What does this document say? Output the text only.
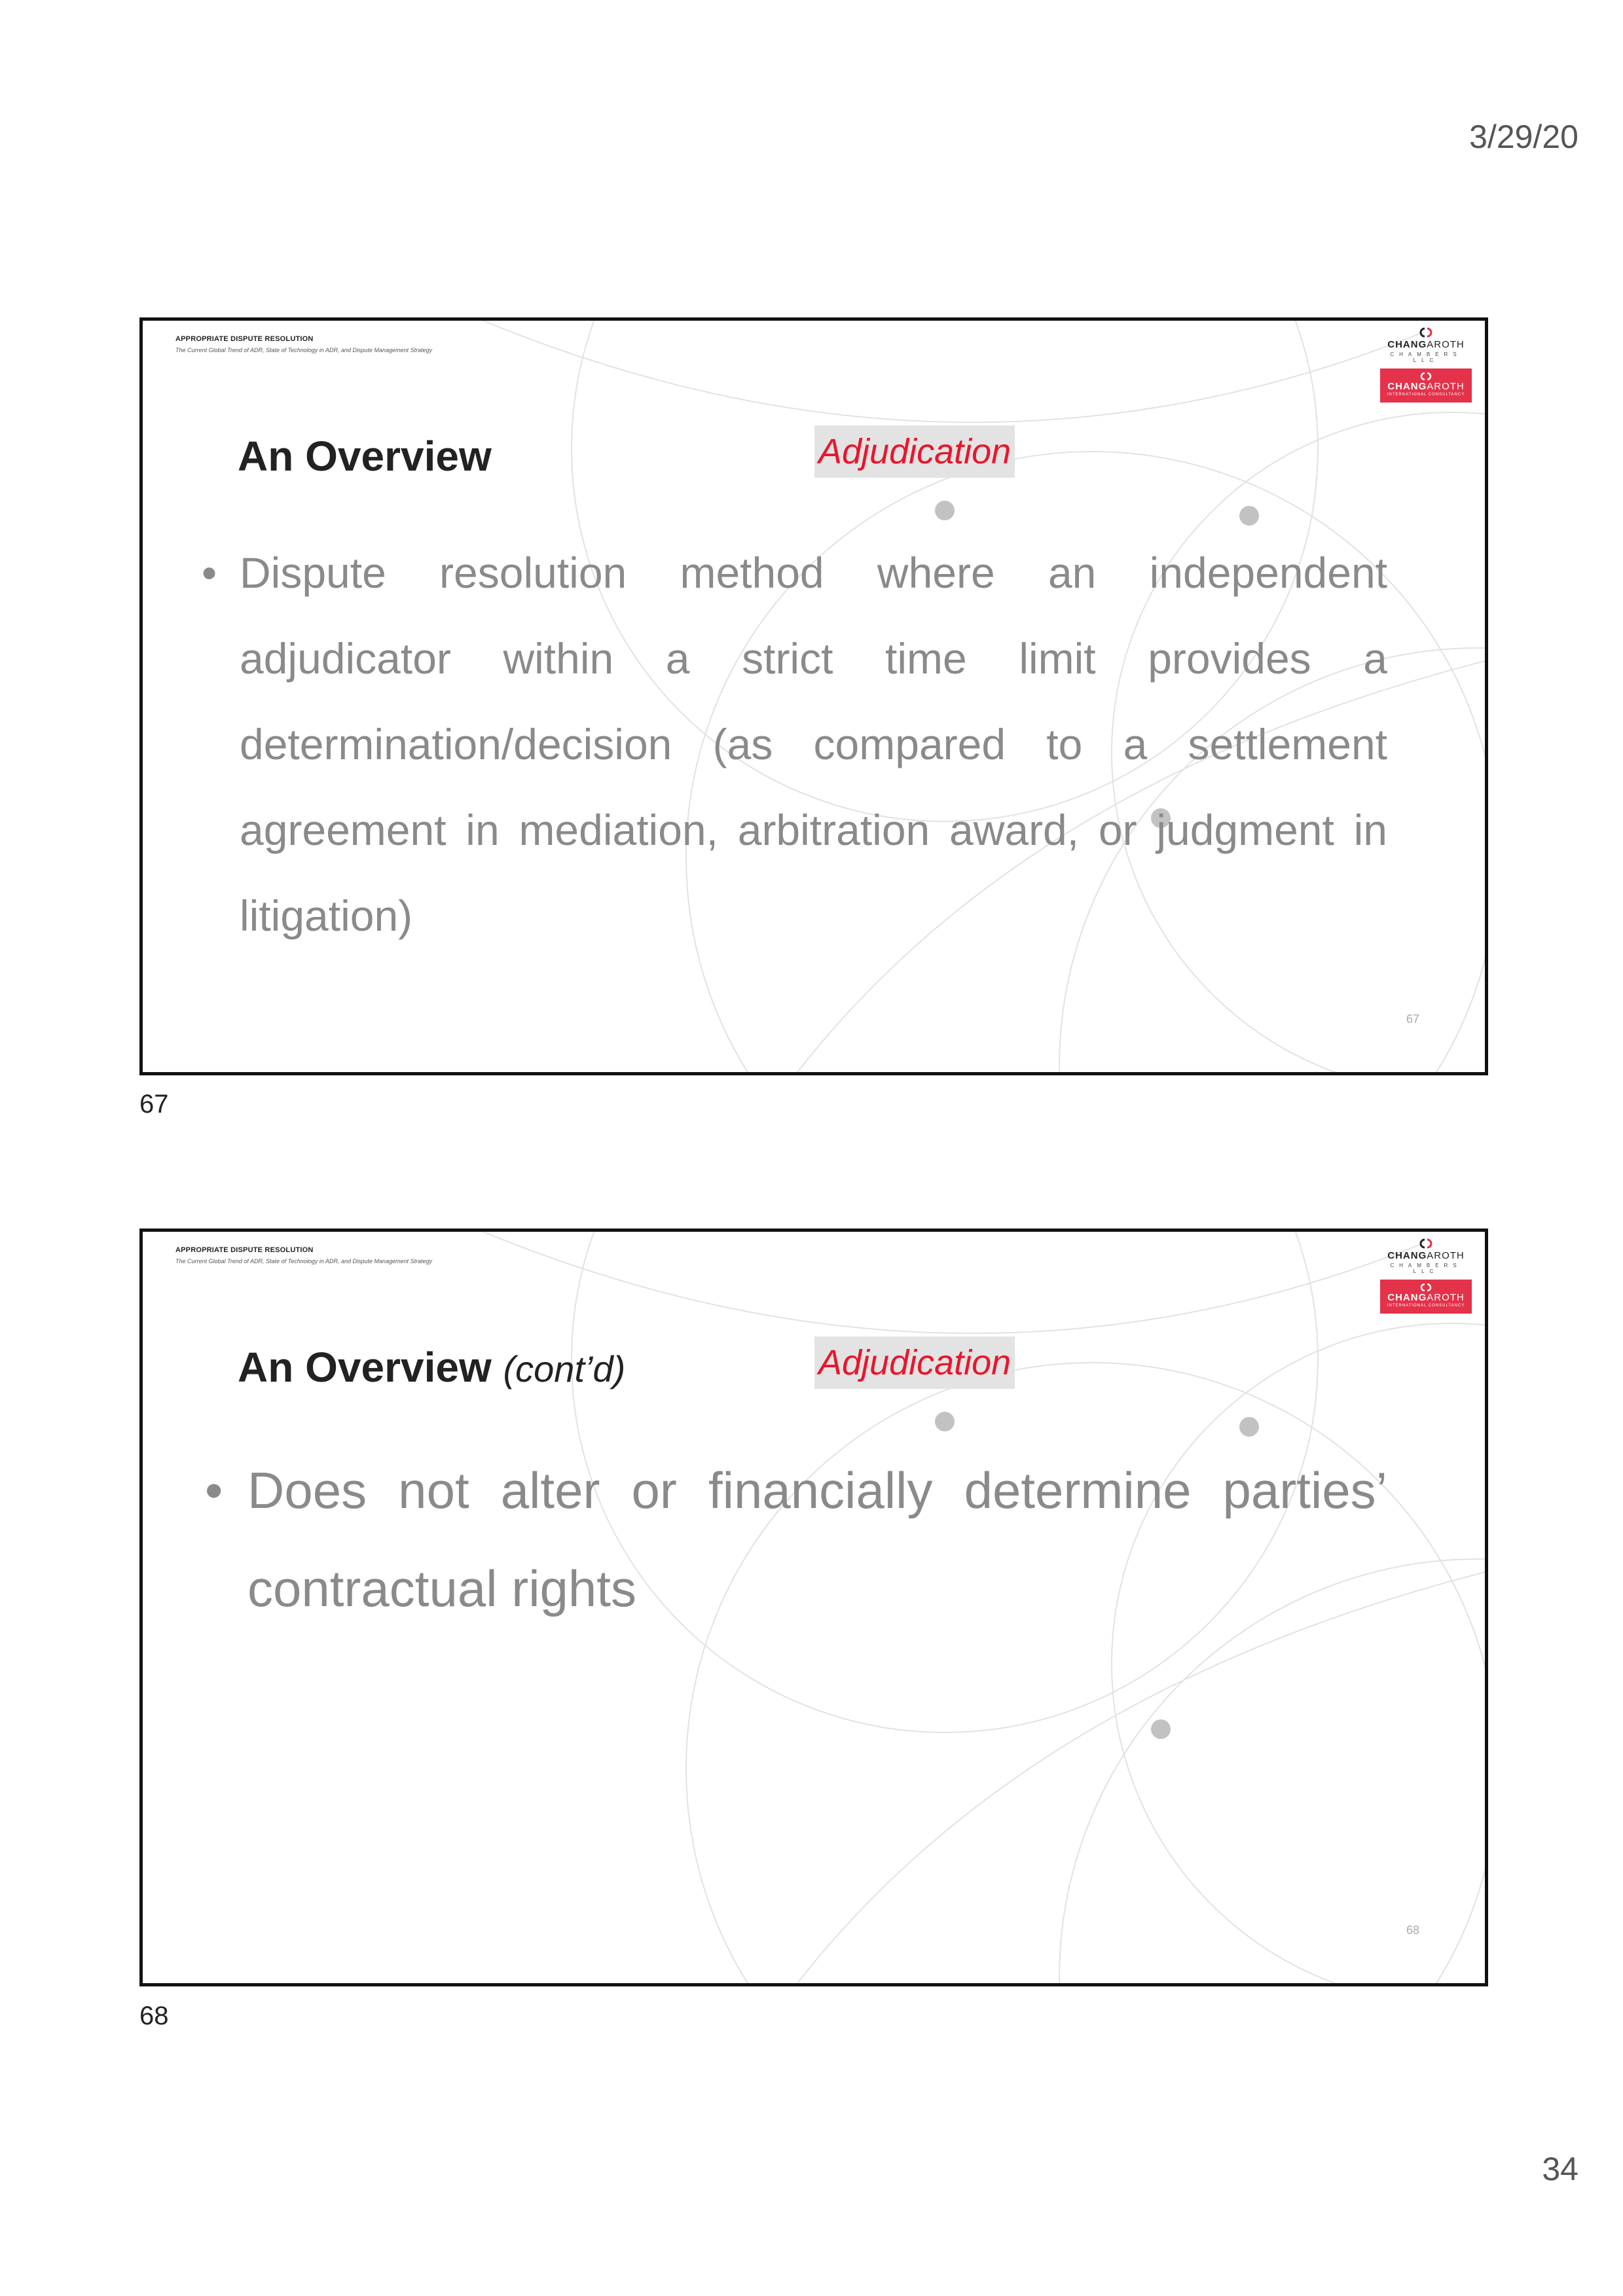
3/29/20
APPROPRIATE DISPUTE RESOLUTION
The Current Global Trend of ADR, State of Technology in ADR, and Dispute Management Strategy	CHANGAROTH
CHAMBERS LLC
CHANGAROTH
INTERNATIONAL CONSULTANCY
An Overview	Adjudication
• Dispute resolution method where an independent adjudicator within a strict time limit provides a determination/decision (as compared to a settlement agreement in mediation, arbitration award, or judgment in litigation)
67
67
APPROPRIATE DISPUTE RESOLUTION
The Current Global Trend of ADR, State of Technology in ADR, and Dispute Management Strategy	CHANGAROTH
CHAMBERS LLC
CHANGAROTH
INTERNATIONAL CONSULTANCY
An Overview (cont’d)	Adjudication
• Does not alter or financially determine parties’ contractual rights
68
68
34
